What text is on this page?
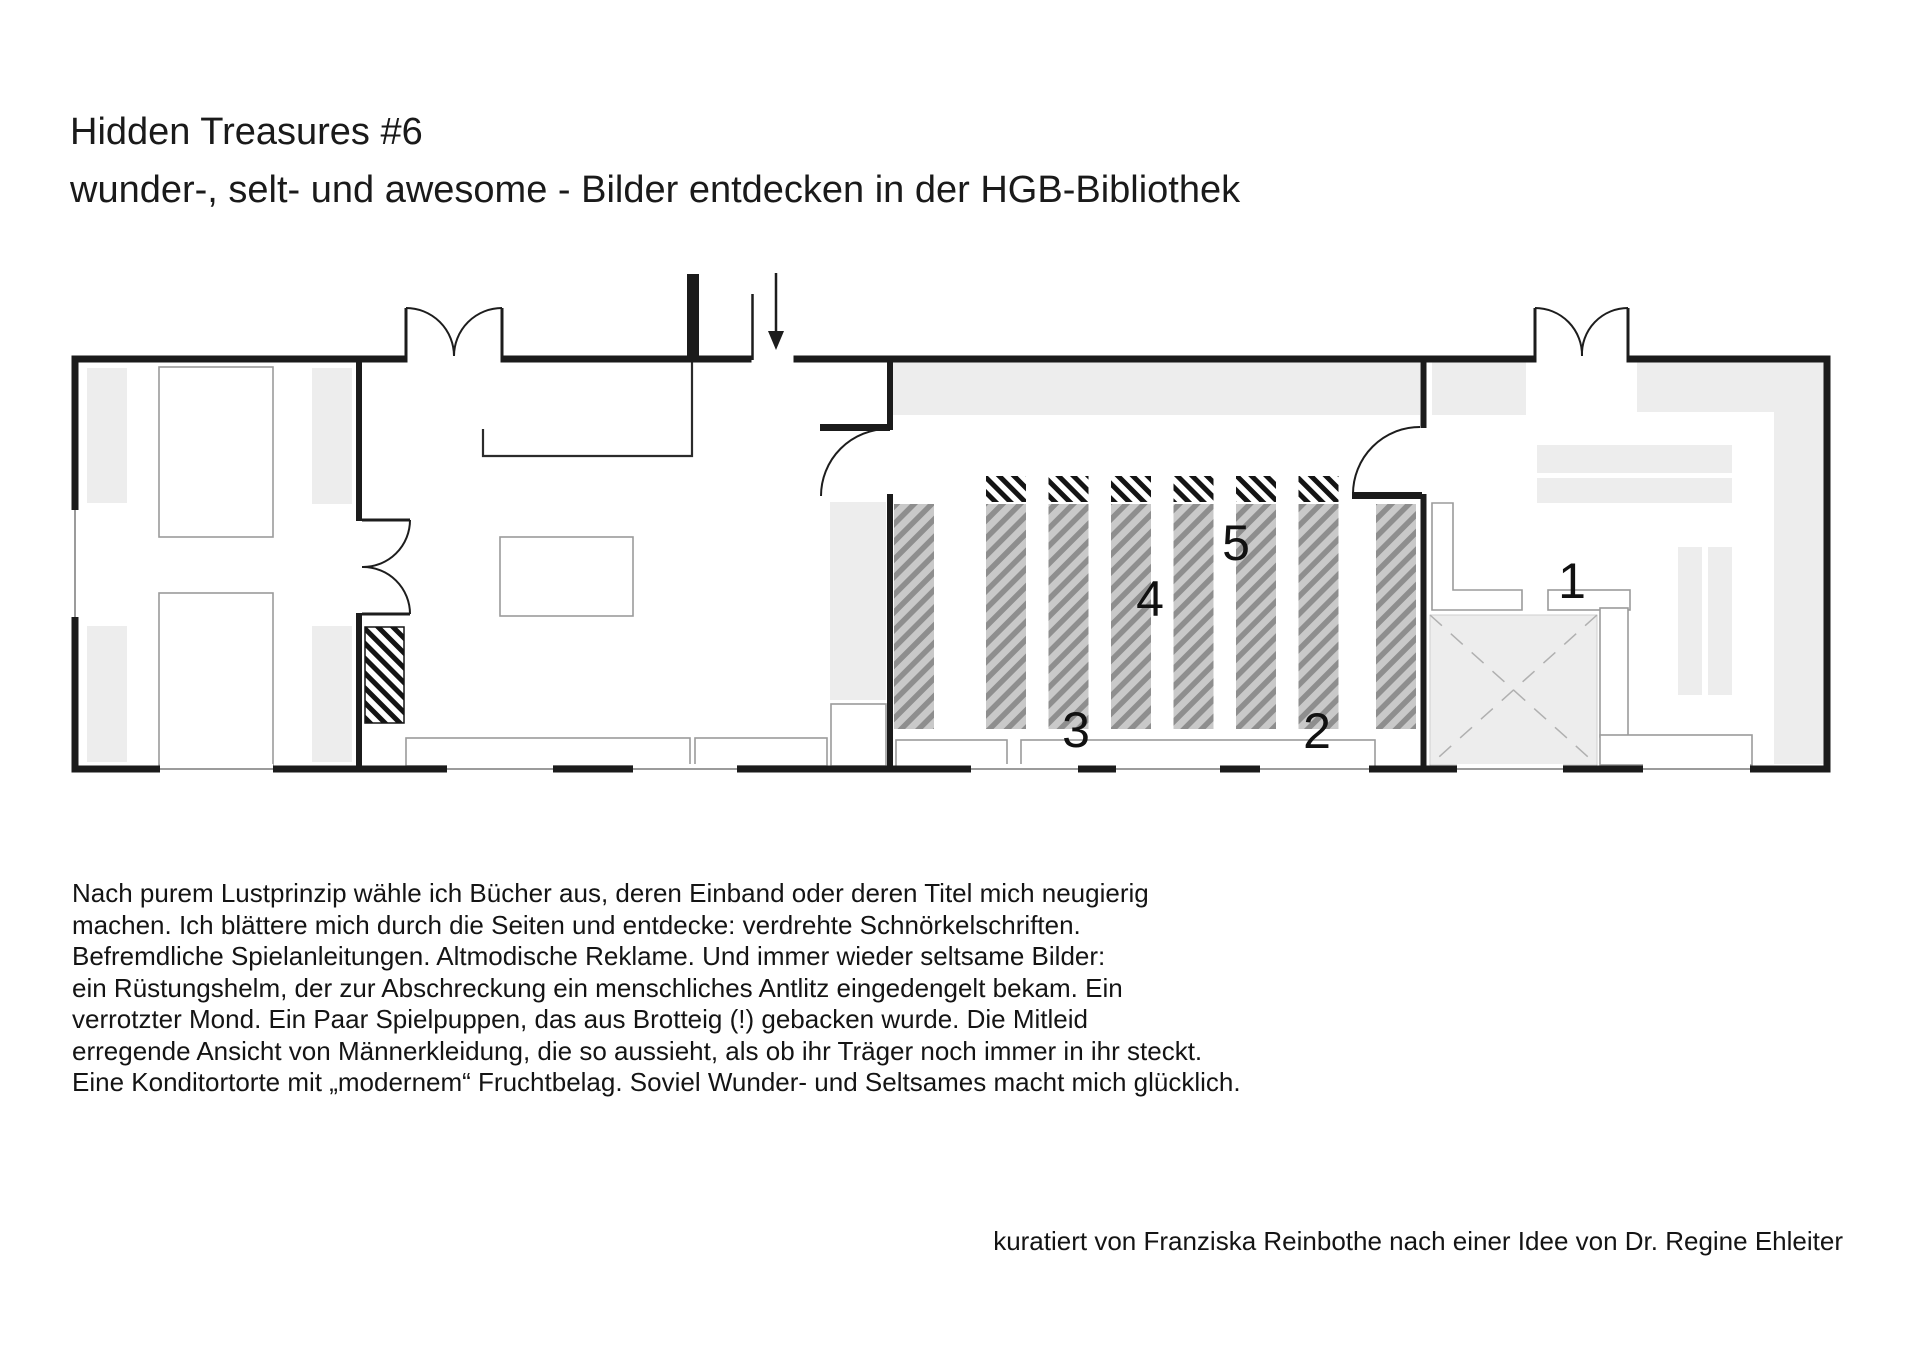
Hidden Treasures #6
wunder-, selt- und awesome - Bilder entdecken in der HGB-Bibliothek
1
2
3
4
5
Nach purem Lustprinzip wähle ich Bücher aus, deren Einband oder deren Titel mich neugierig
machen. Ich blättere mich durch die Seiten und entdecke: verdrehte Schnörkelschriften.
Befremdliche Spielanleitungen. Altmodische Reklame. Und immer wieder seltsame Bilder:
ein Rüstungshelm, der zur Abschreckung ein menschliches Antlitz eingedengelt bekam. Ein
verrotzter Mond. Ein Paar Spielpuppen, das aus Brotteig (!) gebacken wurde. Die Mitleid
erregende Ansicht von Männerkleidung, die so aussieht, als ob ihr Träger noch immer in ihr steckt.
Eine Konditortorte mit „modernem“ Fruchtbelag. Soviel Wunder- und Seltsames macht mich glücklich.
kuratiert von Franziska Reinbothe nach einer Idee von Dr. Regine Ehleiter
